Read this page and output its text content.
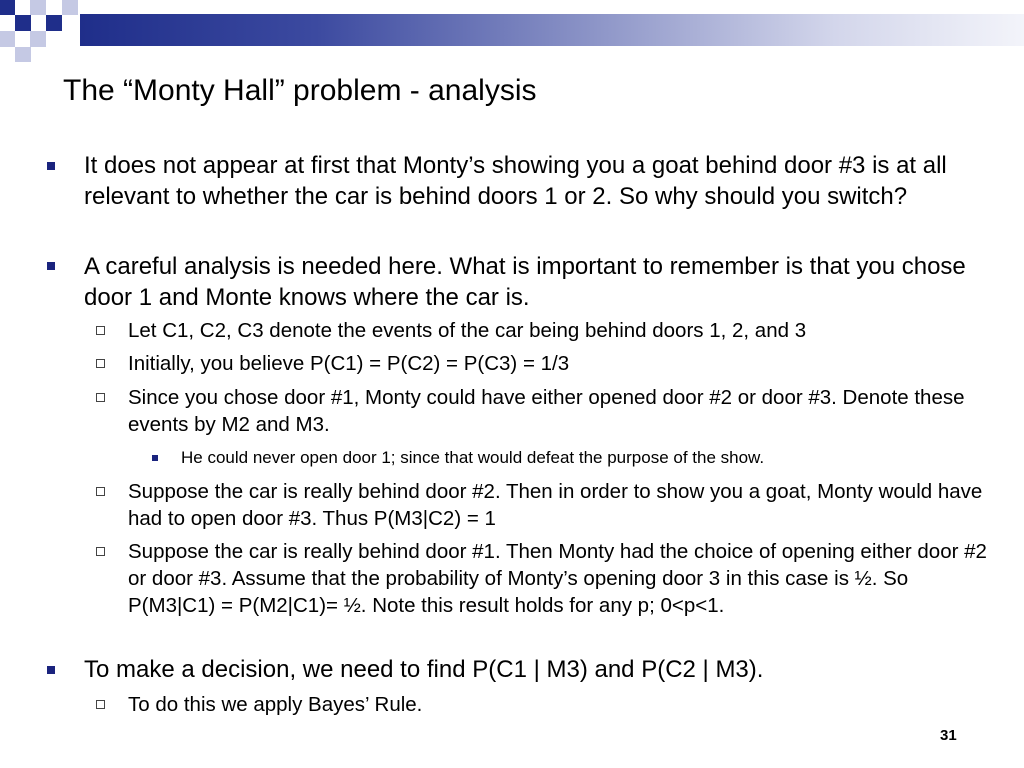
The “Monty Hall” problem - analysis
It does not appear at first that Monty’s showing you a goat behind door #3 is at all relevant to whether the car is behind doors 1 or 2. So why should you switch?
A careful analysis is needed here. What is important to remember is that you chose door 1 and Monte knows where the car is.
Let C1, C2, C3 denote the events of the car being behind doors 1, 2, and 3
Initially, you believe P(C1) = P(C2) = P(C3) = 1/3
Since you chose door #1, Monty could have either opened door #2 or door #3. Denote these events by M2 and M3.
He could never open door 1; since that would defeat the purpose of the show.
Suppose the car is really behind door #2. Then in order to show you a goat, Monty would have had to open door #3. Thus P(M3|C2) = 1
Suppose the car is really behind door #1. Then Monty had the choice of opening either door #2 or door #3. Assume that the probability of Monty’s opening door 3 in this case is ½. So P(M3|C1) = P(M2|C1)= ½. Note this result holds for any p; 0<p<1.
To make a decision, we need to find P(C1 | M3) and P(C2 | M3).
To do this we apply Bayes’ Rule.
31
